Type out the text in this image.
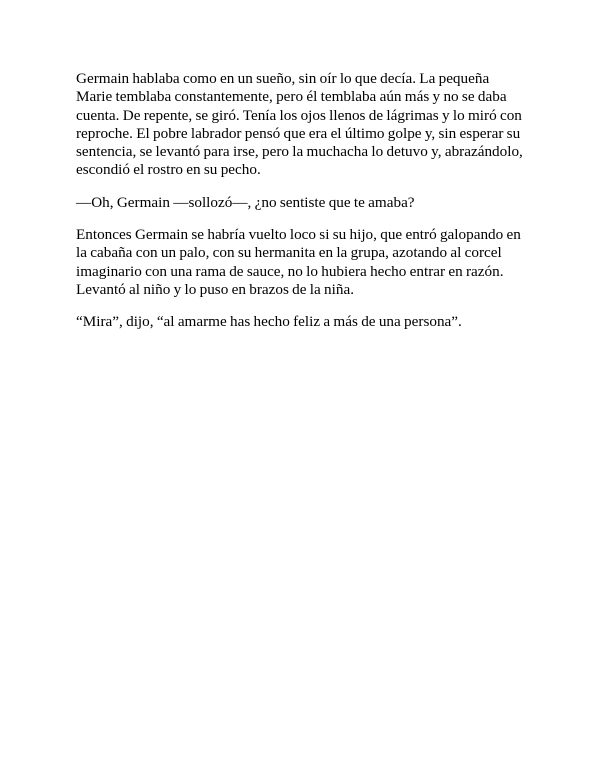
Germain hablaba como en un sueño, sin oír lo que decía. La pequeña Marie temblaba constantemente, pero él temblaba aún más y no se daba cuenta. De repente, se giró. Tenía los ojos llenos de lágrimas y lo miró con reproche. El pobre labrador pensó que era el último golpe y, sin esperar su sentencia, se levantó para irse, pero la muchacha lo detuvo y, abrazándolo, escondió el rostro en su pecho.

—Oh, Germain —sollozó—, ¿no sentiste que te amaba?

Entonces Germain se habría vuelto loco si su hijo, que entró galopando en la cabaña con un palo, con su hermanita en la grupa, azotando al corcel imaginario con una rama de sauce, no lo hubiera hecho entrar en razón. Levantó al niño y lo puso en brazos de la niña.

“Mira”, dijo, “al amarme has hecho feliz a más de una persona”.
